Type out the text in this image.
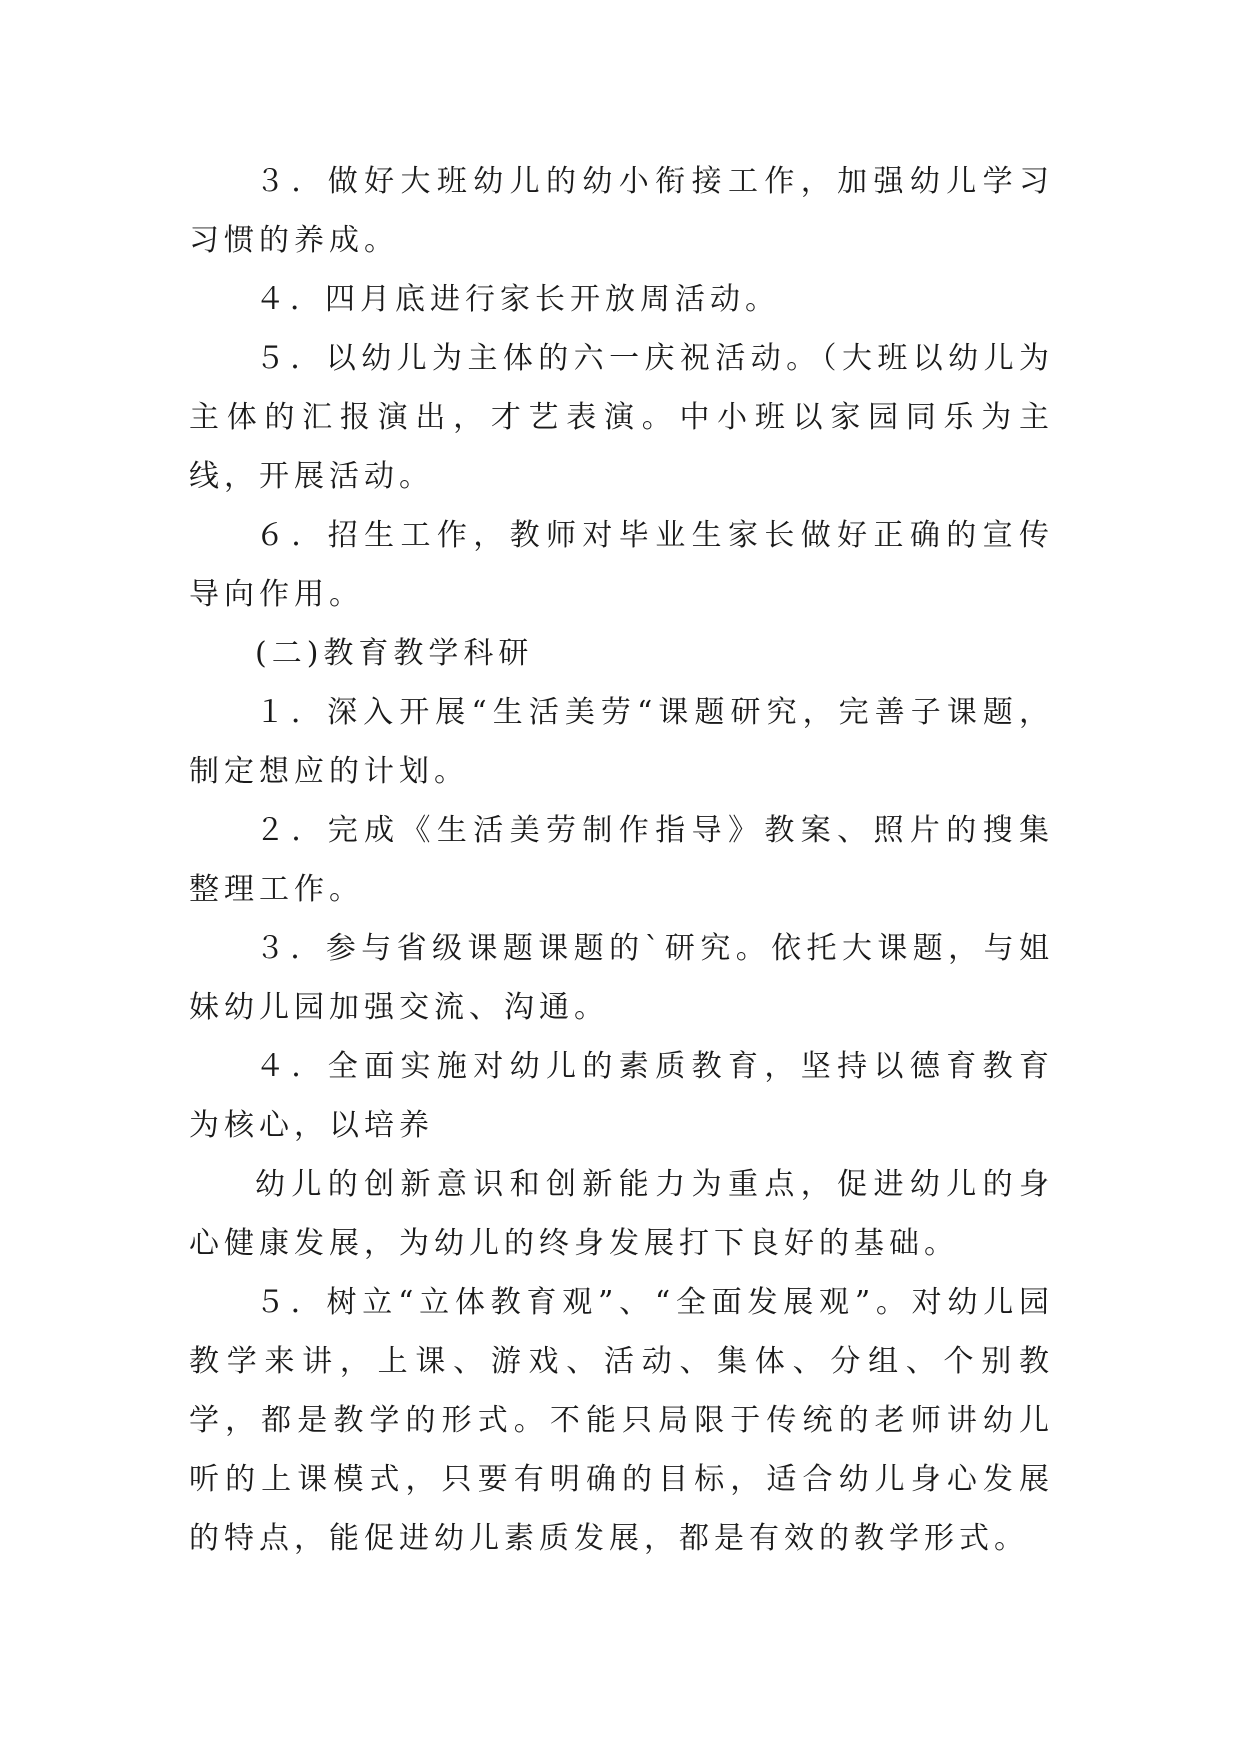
３．做好大班幼儿的幼小衔接工作，加强幼儿学习习惯的养成。

４．四月底进行家长开放周活动。

５．以幼儿为主体的六一庆祝活动。（大班以幼儿为主体的汇报演出，才艺表演。中小班以家园同乐为主线，开展活动。

６．招生工作，教师对毕业生家长做好正确的宣传导向作用。

(二)教育教学科研

１．深入开展“生活美劳“课题研究，完善子课题，制定想应的计划。

２．完成《生活美劳制作指导》教案、照片的搜集整理工作。

３．参与省级课题课题的`研究。依托大课题，与姐妹幼儿园加强交流、沟通。

４．全面实施对幼儿的素质教育，坚持以德育教育为核心，以培养

幼儿的创新意识和创新能力为重点，促进幼儿的身心健康发展，为幼儿的终身发展打下良好的基础。

５．树立“立体教育观”、“全面发展观”。对幼儿园教学来讲，上课、游戏、活动、集体、分组、个别教学，都是教学的形式。不能只局限于传统的老师讲幼儿听的上课模式，只要有明确的目标，适合幼儿身心发展的特点，能促进幼儿素质发展，都是有效的教学形式。
